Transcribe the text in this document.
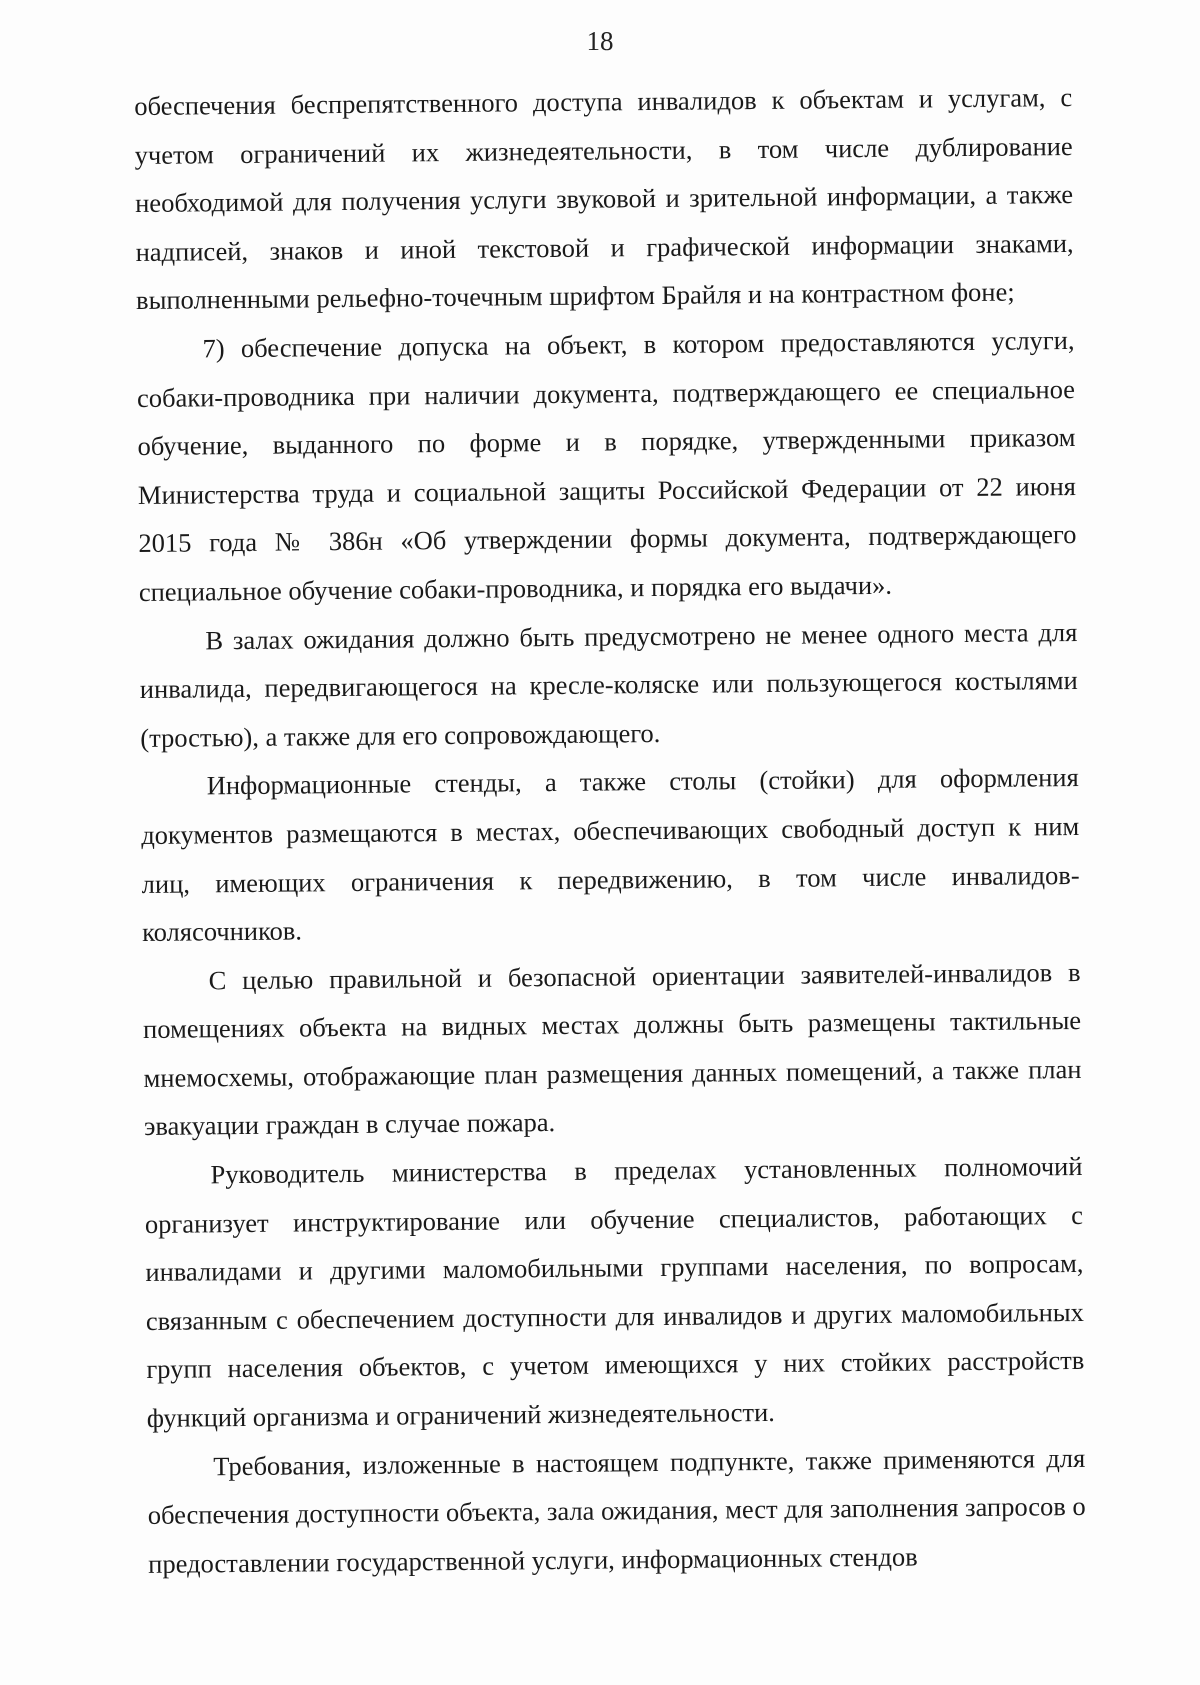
18

обеспечения беспрепятственного доступа инвалидов к объектам и услугам, с учетом ограничений их жизнедеятельности, в том числе дублирование необходимой для получения услуги звуковой и зрительной информации, а также надписей, знаков и иной текстовой и графической информации знаками, выполненными рельефно-точечным шрифтом Брайля и на контрастном фоне;

7) обеспечение допуска на объект, в котором предоставляются услуги, собаки-проводника при наличии документа, подтверждающего ее специальное обучение, выданного по форме и в порядке, утвержденными приказом Министерства труда и социальной защиты Российской Федерации от 22 июня 2015 года № 386н «Об утверждении формы документа, подтверждающего специальное обучение собаки-проводника, и порядка его выдачи».

В залах ожидания должно быть предусмотрено не менее одного места для инвалида, передвигающегося на кресле-коляске или пользующегося костылями (тростью), а также для его сопровождающего.

Информационные стенды, а также столы (стойки) для оформления документов размещаются в местах, обеспечивающих свободный доступ к ним лиц, имеющих ограничения к передвижению, в том числе инвалидов-колясочников.

С целью правильной и безопасной ориентации заявителей-инвалидов в помещениях объекта на видных местах должны быть размещены тактильные мнемосхемы, отображающие план размещения данных помещений, а также план эвакуации граждан в случае пожара.

Руководитель министерства в пределах установленных полномочий организует инструктирование или обучение специалистов, работающих с инвалидами и другими маломобильными группами населения, по вопросам, связанным с обеспечением доступности для инвалидов и других маломобильных групп населения объектов, с учетом имеющихся у них стойких расстройств функций организма и ограничений жизнедеятельности.

Требования, изложенные в настоящем подпункте, также применяются для обеспечения доступности объекта, зала ожидания, мест для заполнения запросов о предоставлении государственной услуги, информационных стендов
